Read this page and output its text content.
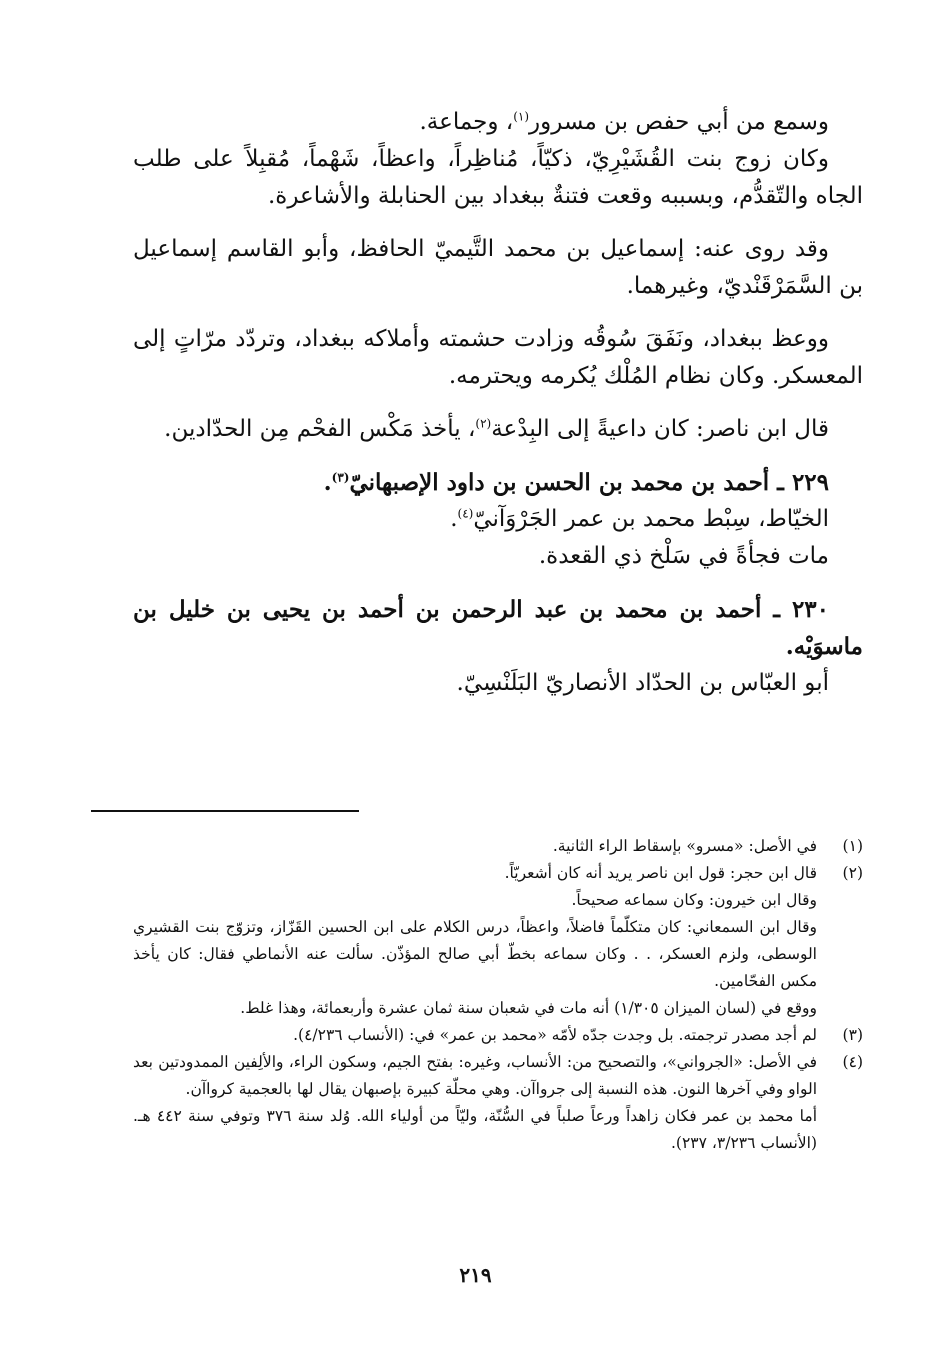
وسمع من أبي حفص بن مسرور$^{(١)}$، وجماعة.

وكان زوج بنت القُشَيْرِيّ، ذكيّاً، مُناظِراً، واعظاً، شَهْماً، مُقبِلاً على طلب الجاه والتّقدُّم، وبسببه وقعت فتنةٌ ببغداد بين الحنابلة والأشاعرة.

وقد روى عنه: إسماعيل بن محمد التَّيميّ الحافظ، وأبو القاسم إسماعيل بن السَّمَرْقَنْديّ، وغيرهما.

ووعظ ببغداد، ونَفَقَ سُوقُه وزادت حشمته وأملاكه ببغداد، وتردّد مرّاتٍ إلى المعسكر. وكان نظام المُلْك يُكرمه ويحترمه.

قال ابن ناصر: كان داعيةً إلى البِدْعة$^{(٢)}$، يأخذ مَكْس الفحْم مِن الحدّادين.

٢٢٩ ـ أحمد بن محمد بن الحسن بن داود الإصبهانيّ$^{(٣)}$.

الخيّاط، سِبْط محمد بن عمر الجَرْوَآنيّ$^{(٤)}$.

مات فجأةً في سَلْخ ذي القعدة.

٢٣٠ ـ أحمد بن محمد بن عبد الرحمن بن أحمد بن يحيى بن خليل بن ماسوَيْه.

أبو العبّاس بن الحدّاد الأنصاريّ البَلَنْسِيّ.

(١)
في الأصل: «مسرو» بإسقاط الراء الثانية.
(٢)
قال ابن حجر: قول ابن ناصر يريد أنه كان أشعريّاً.
وقال ابن خيرون: وكان سماعه صحيحاً.
وقال ابن السمعاني: كان متكلّماً فاضلاً، واعظاً، درس الكلام على ابن الحسين القَزّاز، وتزوّج بنت القشيري الوسطى، ولزم العسكر، . . وكان سماعه بخطّ أبي صالح المؤذّن. سألت عنه الأنماطي فقال: كان يأخذ مكس الفحّامين.
ووقع في (لسان الميزان ١/٣٠٥) أنه مات في شعبان سنة ثمان عشرة وأربعمائة، وهذا غلط.
(٣)
لم أجد مصدر ترجمته. بل وجدت جدّه لأمّه «محمد بن عمر» في: (الأنساب ٤/٢٣٦).
(٤)
في الأصل: «الجرواني»، والتصحيح من: الأنساب، وغيره: بفتح الجيم، وسكون الراء، والألِفين الممدودتين بعد الواو وفي آخرها النون. هذه النسبة إلى جرواآن. وهي محلّة كبيرة بإصبهان يقال لها بالعجمية كرواآن.
أما محمد بن عمر فكان زاهداً ورعاً صلباً في السُّنّة، وليّاً من أولياء الله. وُلد سنة ٣٧٦ وتوفي سنة ٤٤٢ هـ. (الأنساب ٣/٢٣٦، ٢٣٧).
٢١٩
